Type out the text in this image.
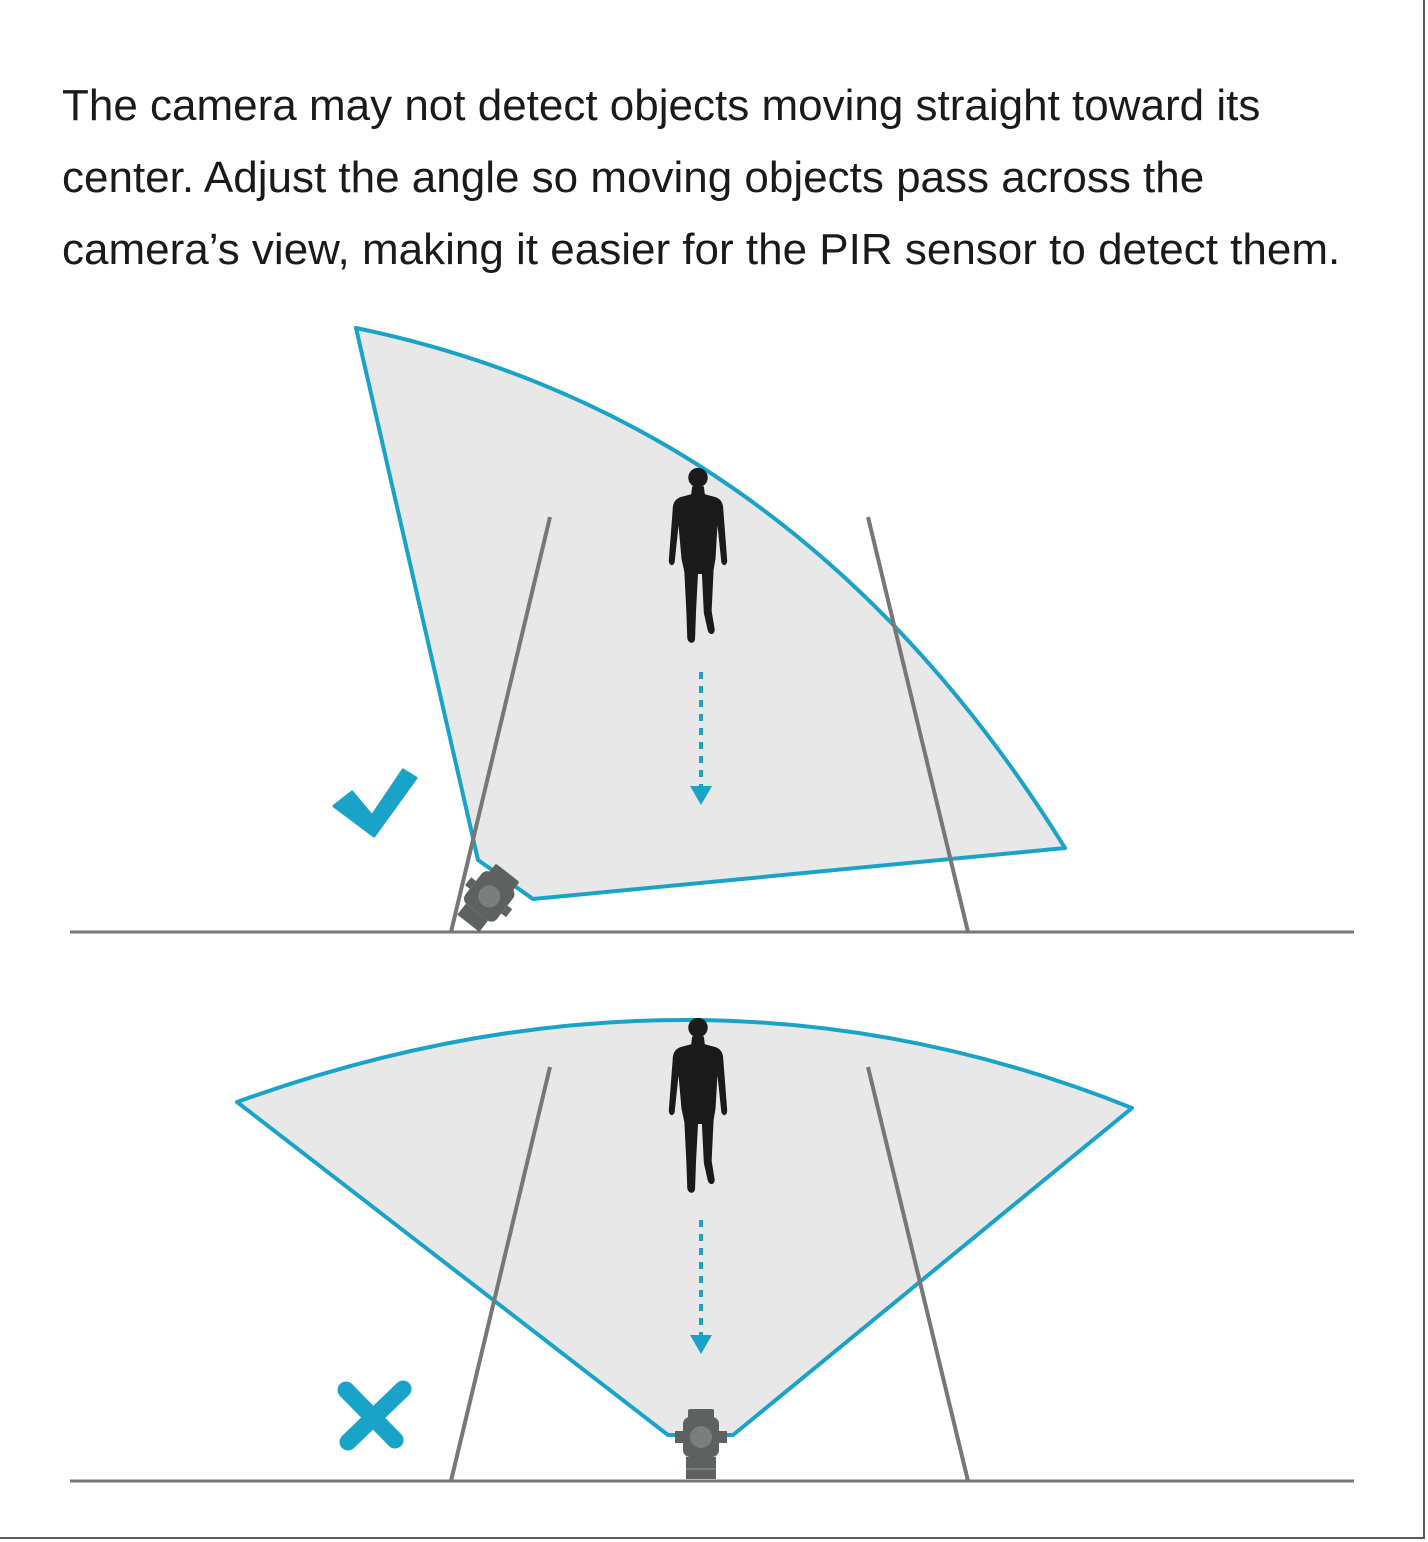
The camera may not detect objects moving straight toward its
center. Adjust the angle so moving objects pass across the
camera’s view, making it easier for the PIR sensor to detect them.
